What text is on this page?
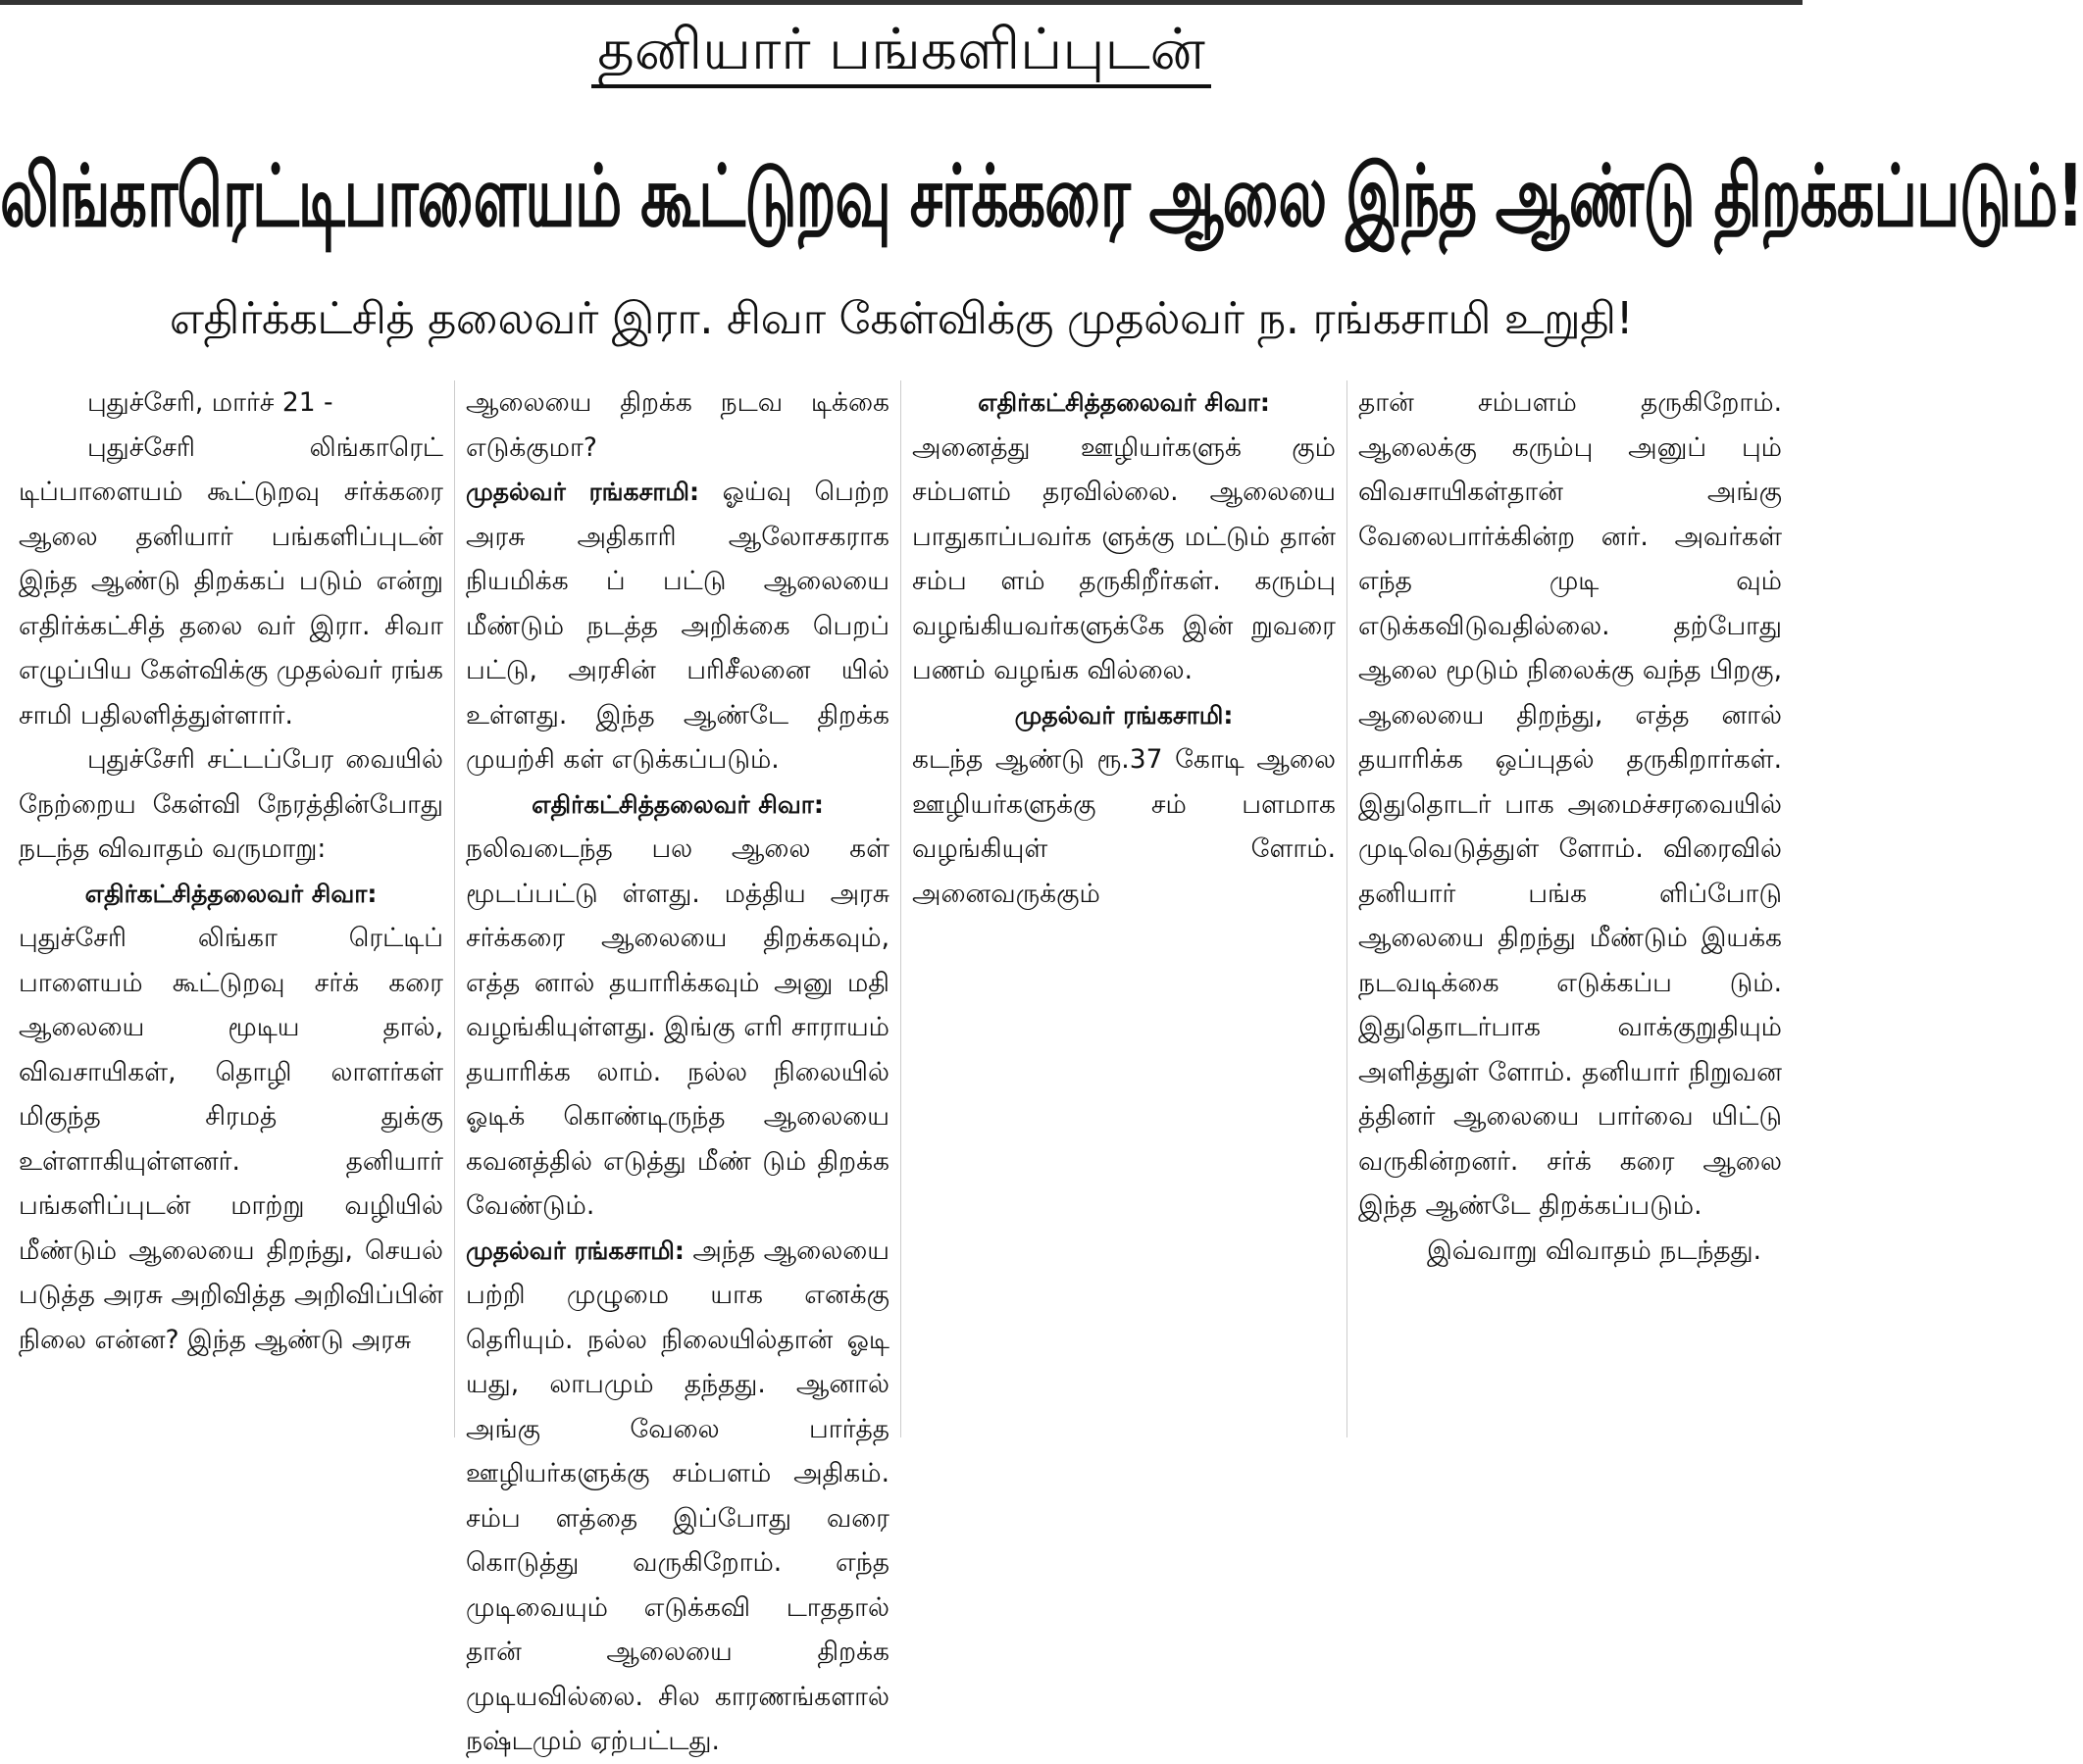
தனியார் பங்களிப்புடன்
லிங்காரெட்டிபாளையம் கூட்டுறவு சர்க்கரை ஆலை இந்த ஆண்டு திறக்கப்படும்!
எதிர்க்கட்சித் தலைவர் இரா. சிவா கேள்விக்கு முதல்வர் ந. ரங்கசாமி உறுதி!

புதுச்சேரி, மார்ச் 21 -

புதுச்சேரி லிங்காரெட் டிப்பாளையம் கூட்டுறவு சர்க்கரை ஆலை தனியார் பங்களிப்புடன் இந்த ஆண்டு திறக்கப் படும் என்று எதிர்க்கட்சித் தலை வர் இரா. சிவா எழுப்பிய கேள்விக்கு முதல்வர் ரங்க சாமி பதிலளித்துள்ளார்.

புதுச்சேரி சட்டப்பேர வையில் நேற்றைய கேள்வி நேரத்தின்போது நடந்த விவாதம் வருமாறு:

எதிர்கட்சித்தலைவர் சிவா:

புதுச்சேரி லிங்கா ரெட்டிப் பாளையம் கூட்டுறவு சர்க் கரை ஆலையை மூடிய தால், விவசாயிகள், தொழி லாளர்கள் மிகுந்த சிரமத் துக்கு உள்ளாகியுள்ளனர். தனியார் பங்களிப்புடன் மாற்று வழியில் மீண்டும் ஆலையை திறந்து, செயல் படுத்த அரசு அறிவித்த அறிவிப்பின் நிலை என்ன? இந்த ஆண்டு அரசு

ஆலையை திறக்க நடவ டிக்கை எடுக்குமா?

முதல்வர் ரங்கசாமி: ஓய்வு பெற்ற அரசு அதிகாரி ஆலோசகராக நியமிக்க ப் பட்டு ஆலையை மீண்டும் நடத்த அறிக்கை பெறப் பட்டு, அரசின் பரிசீலனை யில் உள்ளது. இந்த ஆண்டே திறக்க முயற்சி கள் எடுக்கப்படும்.

எதிர்கட்சித்தலைவர் சிவா:

நலிவடைந்த பல ஆலை கள் மூடப்பட்டு ள்ளது. மத்திய அரசு சர்க்கரை ஆலையை திறக்கவும், எத்த னால் தயாரிக்கவும் அனு மதி வழங்கியுள்ளது. இங்கு எரி சாராயம் தயாரிக்க லாம். நல்ல நிலையில் ஓடிக் கொண்டிருந்த ஆலையை கவனத்தில் எடுத்து மீண் டும் திறக்க வேண்டும்.

முதல்வர் ரங்கசாமி: அந்த ஆலையை பற்றி முழுமை யாக எனக்கு தெரியும். நல்ல நிலையில்தான் ஓடி யது, லாபமும் தந்தது. ஆனால் அங்கு வேலை பார்த்த ஊழியர்களுக்கு சம்பளம் அதிகம். சம்ப ளத்தை இப்போது வரை கொடுத்து வருகிறோம். எந்த முடிவையும் எடுக்கவி டாததால் தான் ஆலையை திறக்க முடியவில்லை. சில காரணங்களால் நஷ்டமும் ஏற்பட்டது.

எதிர்கட்சித்தலைவர் சிவா:

அனைத்து ஊழியர்களுக் கும் சம்பளம் தரவில்லை. ஆலையை பாதுகாப்பவர்க ளுக்கு மட்டும் தான் சம்ப ளம் தருகிறீர்கள். கரும்பு வழங்கியவர்களுக்கே இன் றுவரை பணம் வழங்க வில்லை.

முதல்வர் ரங்கசாமி:

கடந்த ஆண்டு ரூ.37 கோடி ஆலை ஊழியர்களுக்கு சம் பளமாக வழங்கியுள் ளோம். அனைவருக்கும்

தான் சம்பளம் தருகிறோம். ஆலைக்கு கரும்பு அனுப் பும் விவசாயிகள்தான் அங்கு வேலைபார்க்கின்ற னர். அவர்கள் எந்த முடி வும் எடுக்கவிடுவதில்லை. தற்போது ஆலை மூடும் நிலைக்கு வந்த பிறகு, ஆலையை திறந்து, எத்த னால் தயாரிக்க ஒப்புதல் தருகிறார்கள். இதுதொடர் பாக அமைச்சரவையில் முடிவெடுத்துள் ளோம். விரைவில் தனியார் பங்க ளிப்போடு ஆலையை திறந்து மீண்டும் இயக்க நடவடிக்கை எடுக்கப்ப டும். இதுதொடர்பாக வாக்குறுதியும் அளித்துள் ளோம். தனியார் நிறுவன த்தினர் ஆலையை பார்வை யிட்டு வருகின்றனர். சர்க் கரை ஆலை இந்த ஆண்டே திறக்கப்படும்.

இவ்வாறு விவாதம் நடந்தது.
